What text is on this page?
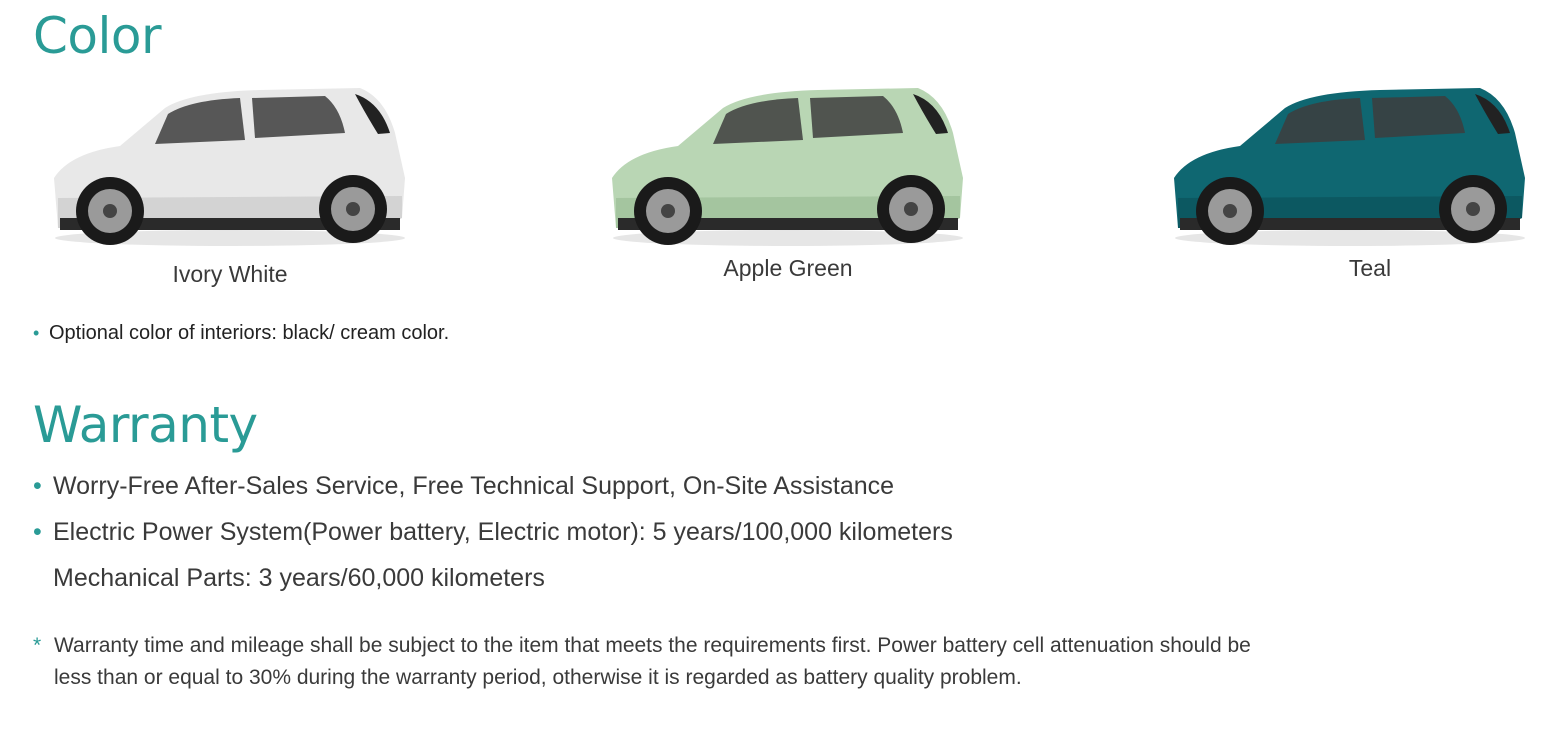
Color
Ivory White	Apple Green	Teal
• Optional color of interiors: black/ cream color.
Warranty
• Worry-Free After-Sales Service, Free Technical Support, On-Site Assistance
• Electric Power System(Power battery, Electric motor): 5 years/100,000 kilometers
Mechanical Parts: 3 years/60,000 kilometers
* Warranty time and mileage shall be subject to the item that meets the requirements first. Power battery cell attenuation should be less than or equal to 30% during the warranty period, otherwise it is regarded as battery quality problem.
